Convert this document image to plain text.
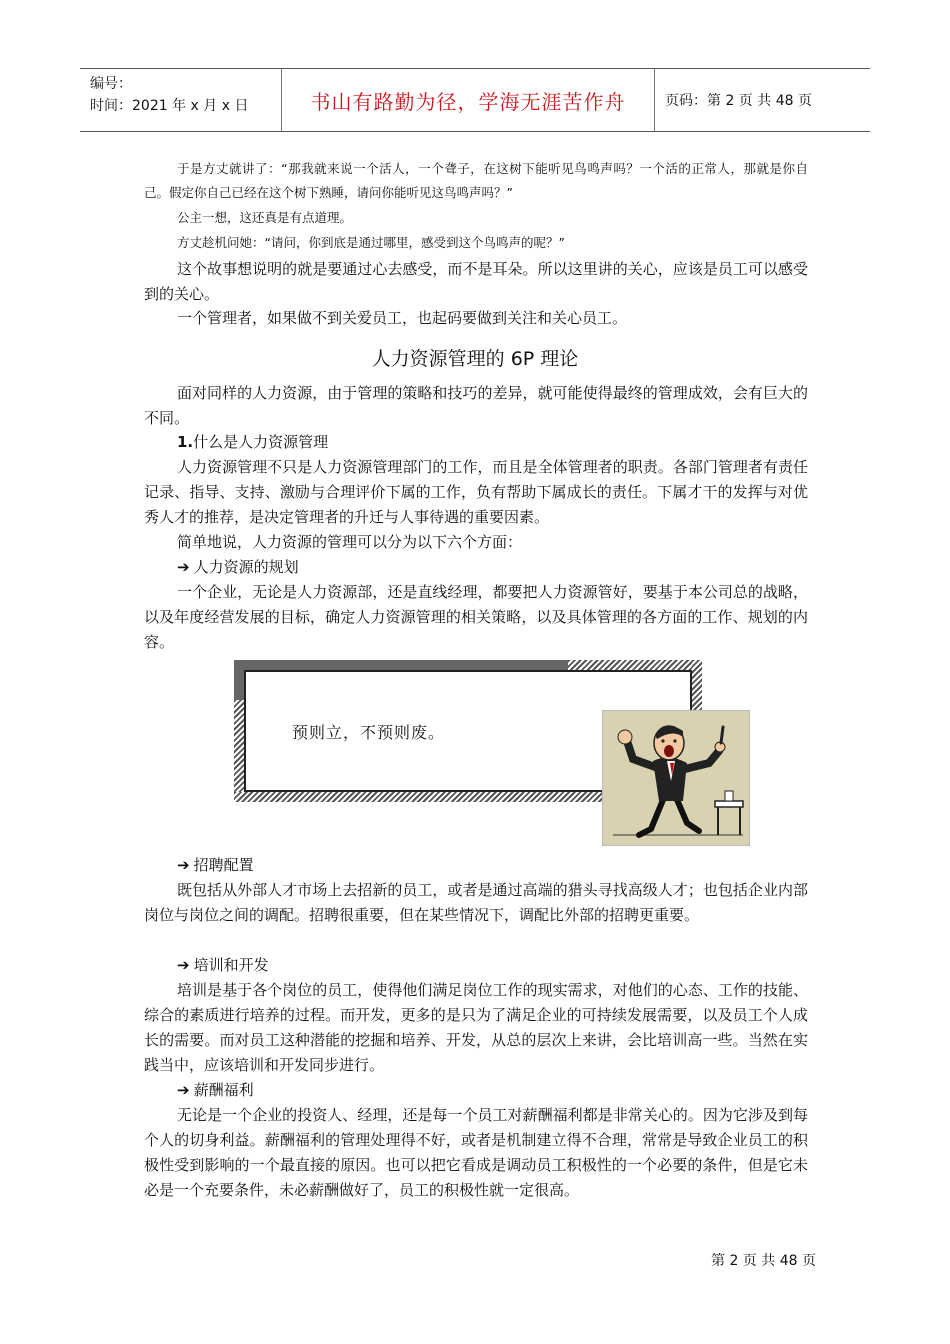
编号：
时间：2021 年 x 月 x 日	书山有路勤为径，学海无涯苦作舟	页码：第 2 页 共 48 页

于是方丈就讲了：“那我就来说一个活人，一个聋子，在这树下能听见鸟鸣声吗？一个活的正常人，那就是你自己。假定你自己已经在这个树下熟睡，请问你能听见这鸟鸣声吗？”

公主一想，这还真是有点道理。

方丈趁机问她：“请问，你到底是通过哪里，感受到这个鸟鸣声的呢？”

这个故事想说明的就是要通过心去感受，而不是耳朵。所以这里讲的关心，应该是员工可以感受到的关心。

一个管理者，如果做不到关爱员工，也起码要做到关注和关心员工。

人力资源管理的 6P 理论

面对同样的人力资源，由于管理的策略和技巧的差异，就可能使得最终的管理成效，会有巨大的不同。

1.什么是人力资源管理

人力资源管理不只是人力资源管理部门的工作，而且是全体管理者的职责。各部门管理者有责任记录、指导、支持、激励与合理评价下属的工作，负有帮助下属成长的责任。下属才干的发挥与对优秀人才的推荐，是决定管理者的升迁与人事待遇的重要因素。

简单地说，人力资源的管理可以分为以下六个方面：

➔ 人力资源的规划

一个企业，无论是人力资源部，还是直线经理，都要把人力资源管好，要基于本公司总的战略，以及年度经营发展的目标，确定人力资源管理的相关策略，以及具体管理的各方面的工作、规划的内容。

预则立，不预则废。
➔ 招聘配置

既包括从外部人才市场上去招新的员工，或者是通过高端的猎头寻找高级人才；也包括企业内部岗位与岗位之间的调配。招聘很重要，但在某些情况下，调配比外部的招聘更重要。

➔ 培训和开发

培训是基于各个岗位的员工，使得他们满足岗位工作的现实需求，对他们的心态、工作的技能、综合的素质进行培养的过程。而开发，更多的是只为了满足企业的可持续发展需要，以及员工个人成长的需要。而对员工这种潜能的挖掘和培养、开发，从总的层次上来讲，会比培训高一些。当然在实践当中，应该培训和开发同步进行。

➔ 薪酬福利

无论是一个企业的投资人、经理，还是每一个员工对薪酬福利都是非常关心的。因为它涉及到每个人的切身利益。薪酬福利的管理处理得不好，或者是机制建立得不合理，常常是导致企业员工的积极性受到影响的一个最直接的原因。也可以把它看成是调动员工积极性的一个必要的条件，但是它未必是一个充要条件，未必薪酬做好了，员工的积极性就一定很高。

第 2 页 共 48 页
